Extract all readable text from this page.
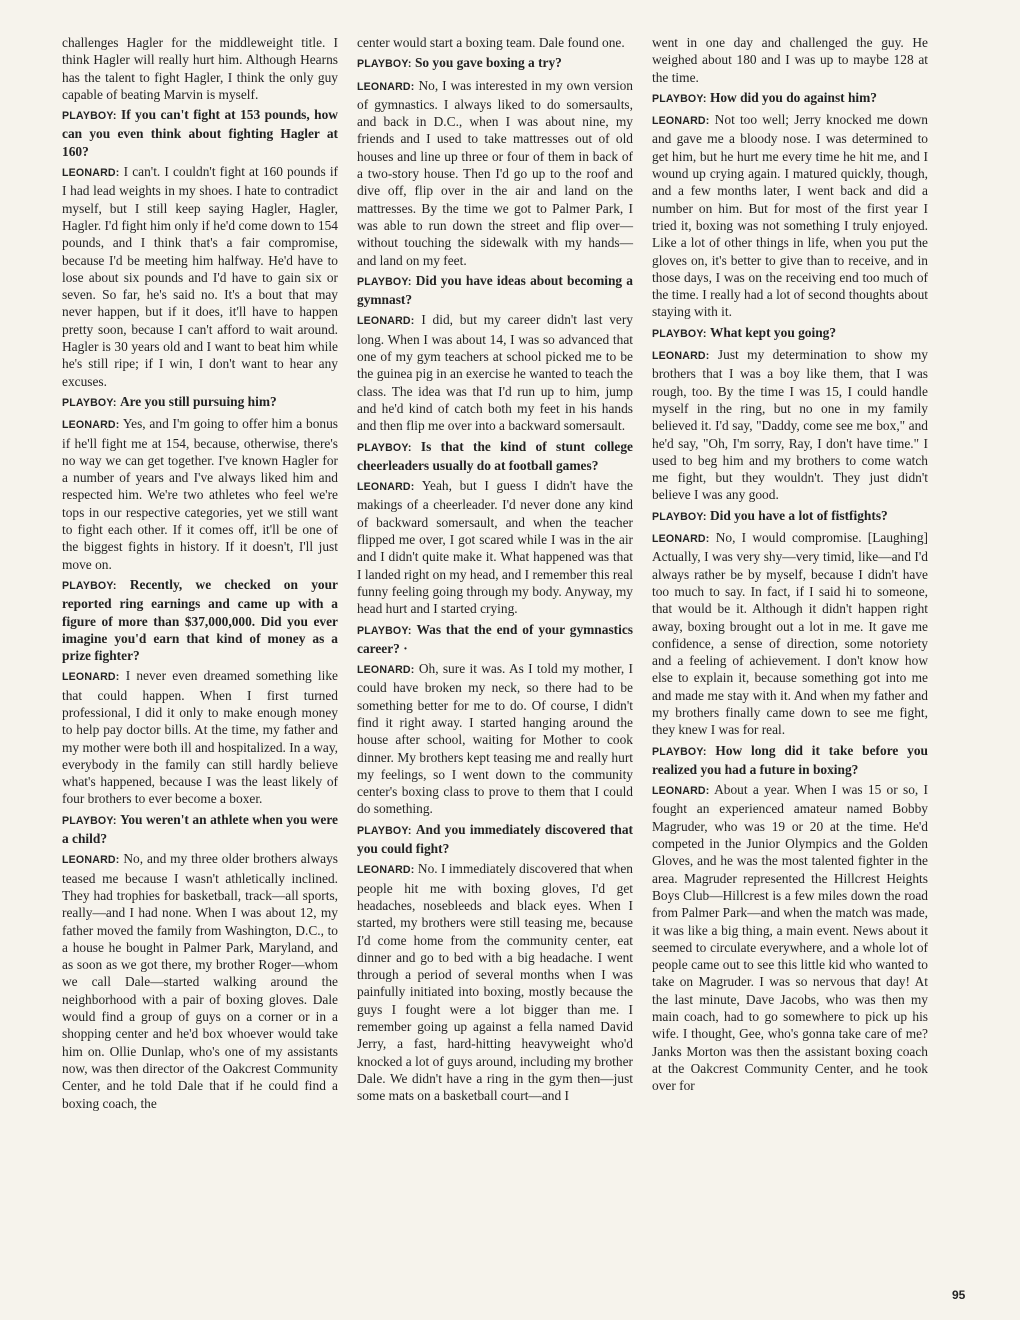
challenges Hagler for the middleweight title. I think Hagler will really hurt him. Although Hearns has the talent to fight Hagler, I think the only guy capable of beating Marvin is myself.

PLAYBOY: If you can't fight at 153 pounds, how can you even think about fighting Hagler at 160?

LEONARD: I can't. I couldn't fight at 160 pounds if I had lead weights in my shoes. I hate to contradict myself, but I still keep saying Hagler, Hagler, Hagler. I'd fight him only if he'd come down to 154 pounds, and I think that's a fair compromise, because I'd be meeting him halfway. He'd have to lose about six pounds and I'd have to gain six or seven. So far, he's said no. It's a bout that may never happen, but if it does, it'll have to happen pretty soon, because I can't afford to wait around. Hagler is 30 years old and I want to beat him while he's still ripe; if I win, I don't want to hear any excuses.

PLAYBOY: Are you still pursuing him?

LEONARD: Yes, and I'm going to offer him a bonus if he'll fight me at 154, because, otherwise, there's no way we can get together. I've known Hagler for a number of years and I've always liked him and respected him. We're two athletes who feel we're tops in our respective categories, yet we still want to fight each other. If it comes off, it'll be one of the biggest fights in history. If it doesn't, I'll just move on.

PLAYBOY: Recently, we checked on your reported ring earnings and came up with a figure of more than $37,000,000. Did you ever imagine you'd earn that kind of money as a prize fighter?

LEONARD: I never even dreamed something like that could happen. When I first turned professional, I did it only to make enough money to help pay doctor bills. At the time, my father and my mother were both ill and hospitalized. In a way, everybody in the family can still hardly believe what's happened, because I was the least likely of four brothers to ever become a boxer.

PLAYBOY: You weren't an athlete when you were a child?

LEONARD: No, and my three older brothers always teased me because I wasn't athletically inclined. They had trophies for basketball, track—all sports, really—and I had none. When I was about 12, my father moved the family from Washington, D.C., to a house he bought in Palmer Park, Maryland, and as soon as we got there, my brother Roger—whom we call Dale—started walking around the neighborhood with a pair of boxing gloves. Dale would find a group of guys on a corner or in a shopping center and he'd box whoever would take him on. Ollie Dunlap, who's one of my assistants now, was then director of the Oakcrest Community Center, and he told Dale that if he could find a boxing coach, the

center would start a boxing team. Dale found one.

PLAYBOY: So you gave boxing a try?

LEONARD: No, I was interested in my own version of gymnastics. I always liked to do somersaults, and back in D.C., when I was about nine, my friends and I used to take mattresses out of old houses and line up three or four of them in back of a two-story house. Then I'd go up to the roof and dive off, flip over in the air and land on the mattresses. By the time we got to Palmer Park, I was able to run down the street and flip over—without touching the sidewalk with my hands—and land on my feet.

PLAYBOY: Did you have ideas about becoming a gymnast?

LEONARD: I did, but my career didn't last very long. When I was about 14, I was so advanced that one of my gym teachers at school picked me to be the guinea pig in an exercise he wanted to teach the class. The idea was that I'd run up to him, jump and he'd kind of catch both my feet in his hands and then flip me over into a backward somersault.

PLAYBOY: Is that the kind of stunt college cheerleaders usually do at football games?

LEONARD: Yeah, but I guess I didn't have the makings of a cheerleader. I'd never done any kind of backward somersault, and when the teacher flipped me over, I got scared while I was in the air and I didn't quite make it. What happened was that I landed right on my head, and I remember this real funny feeling going through my body. Anyway, my head hurt and I started crying.

PLAYBOY: Was that the end of your gymnastics career? ·

LEONARD: Oh, sure it was. As I told my mother, I could have broken my neck, so there had to be something better for me to do. Of course, I didn't find it right away. I started hanging around the house after school, waiting for Mother to cook dinner. My brothers kept teasing me and really hurt my feelings, so I went down to the community center's boxing class to prove to them that I could do something.

PLAYBOY: And you immediately discovered that you could fight?

LEONARD: No. I immediately discovered that when people hit me with boxing gloves, I'd get headaches, nosebleeds and black eyes. When I started, my brothers were still teasing me, because I'd come home from the community center, eat dinner and go to bed with a big headache. I went through a period of several months when I was painfully initiated into boxing, mostly because the guys I fought were a lot bigger than me. I remember going up against a fella named David Jerry, a fast, hard-hitting heavyweight who'd knocked a lot of guys around, including my brother Dale. We didn't have a ring in the gym then—just some mats on a basketball court—and I

went in one day and challenged the guy. He weighed about 180 and I was up to maybe 128 at the time.

PLAYBOY: How did you do against him?

LEONARD: Not too well; Jerry knocked me down and gave me a bloody nose. I was determined to get him, but he hurt me every time he hit me, and I wound up crying again. I matured quickly, though, and a few months later, I went back and did a number on him. But for most of the first year I tried it, boxing was not something I truly enjoyed. Like a lot of other things in life, when you put the gloves on, it's better to give than to receive, and in those days, I was on the receiving end too much of the time. I really had a lot of second thoughts about staying with it.

PLAYBOY: What kept you going?

LEONARD: Just my determination to show my brothers that I was a boy like them, that I was rough, too. By the time I was 15, I could handle myself in the ring, but no one in my family believed it. I'd say, "Daddy, come see me box," and he'd say, "Oh, I'm sorry, Ray, I don't have time." I used to beg him and my brothers to come watch me fight, but they wouldn't. They just didn't believe I was any good.

PLAYBOY: Did you have a lot of fistfights?

LEONARD: No, I would compromise. [Laughing] Actually, I was very shy—very timid, like—and I'd always rather be by myself, because I didn't have too much to say. In fact, if I said hi to someone, that would be it. Although it didn't happen right away, boxing brought out a lot in me. It gave me confidence, a sense of direction, some notoriety and a feeling of achievement. I don't know how else to explain it, because something got into me and made me stay with it. And when my father and my brothers finally came down to see me fight, they knew I was for real.

PLAYBOY: How long did it take before you realized you had a future in boxing?

LEONARD: About a year. When I was 15 or so, I fought an experienced amateur named Bobby Magruder, who was 19 or 20 at the time. He'd competed in the Junior Olympics and the Golden Gloves, and he was the most talented fighter in the area. Magruder represented the Hillcrest Heights Boys Club—Hillcrest is a few miles down the road from Palmer Park—and when the match was made, it was like a big thing, a main event. News about it seemed to circulate everywhere, and a whole lot of people came out to see this little kid who wanted to take on Magruder. I was so nervous that day! At the last minute, Dave Jacobs, who was then my main coach, had to go somewhere to pick up his wife. I thought, Gee, who's gonna take care of me? Janks Morton was then the assistant boxing coach at the Oakcrest Community Center, and he took over for

95
